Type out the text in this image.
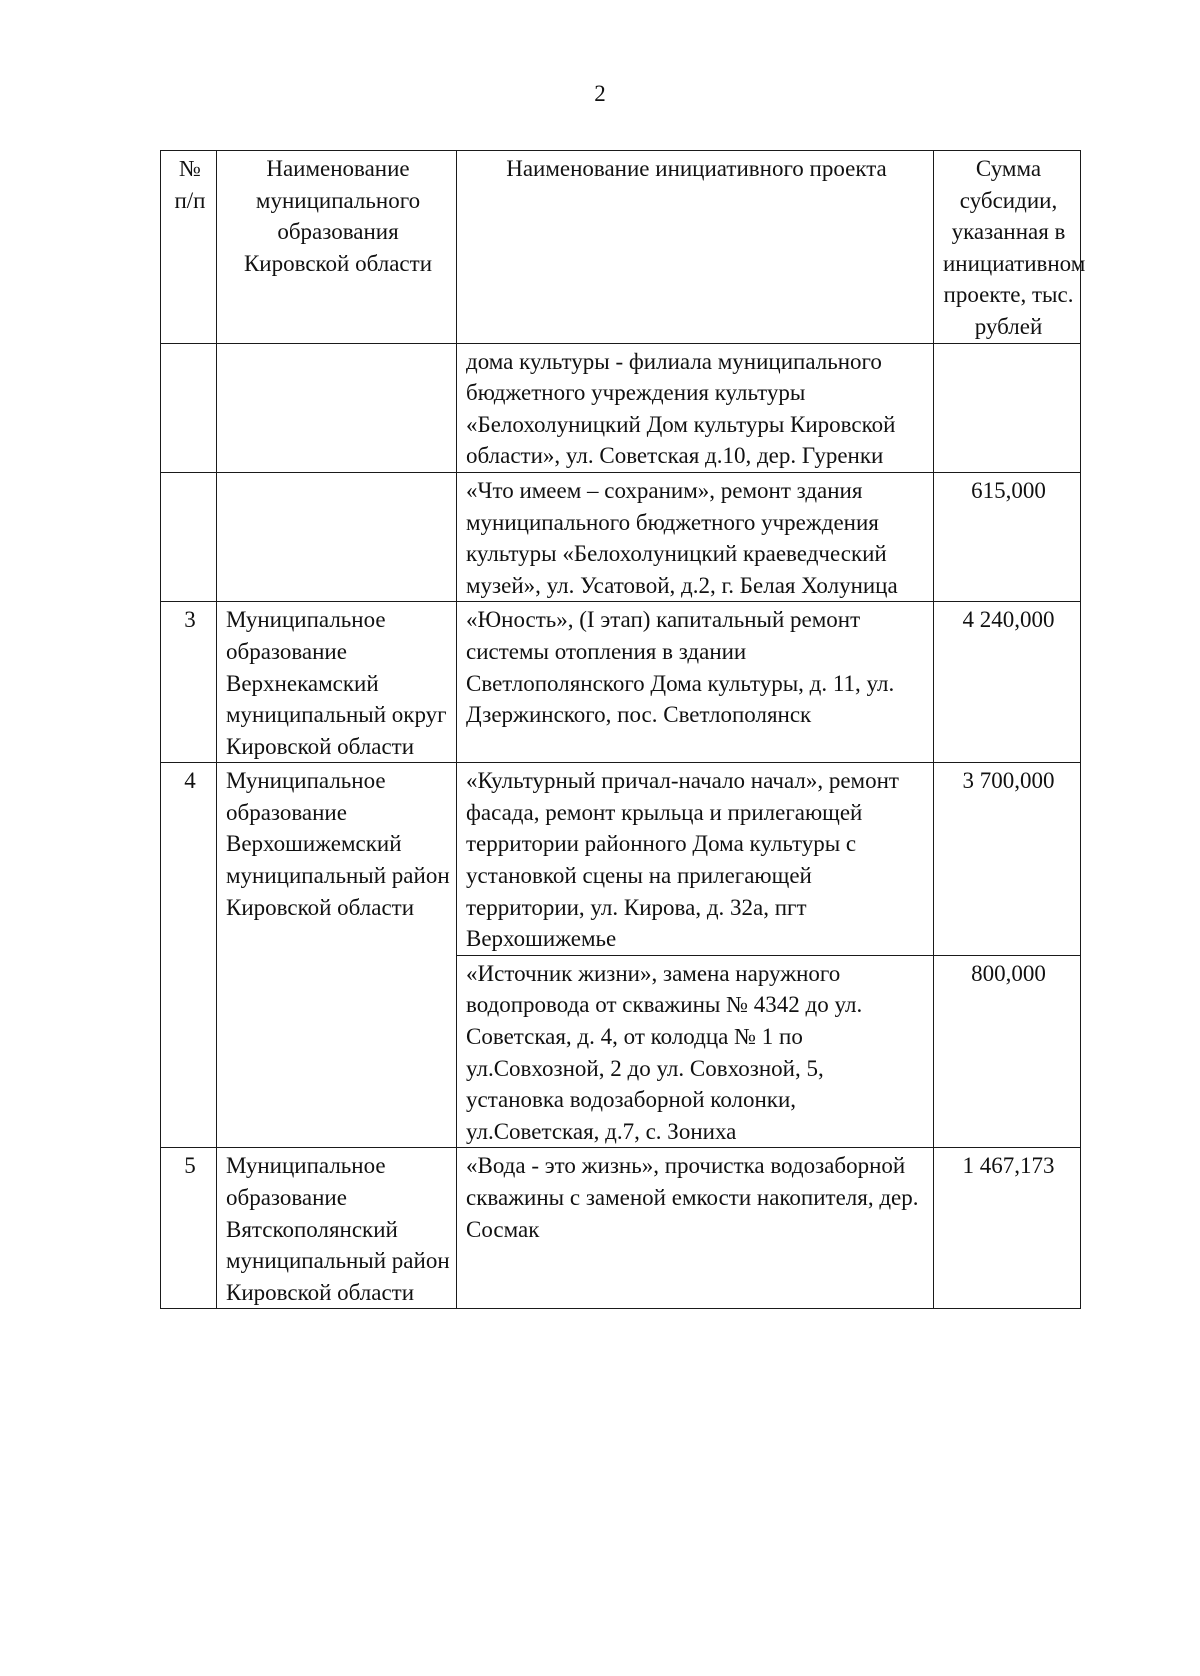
2
№ п/п	Наименование муниципального образования Кировской области	Наименование инициативного проекта	Сумма субсидии, указанная в инициативном проекте, тыс. рублей
		дома культуры - филиала муниципального бюджетного учреждения культуры «Белохолуницкий Дом культуры Кировской области», ул. Советская д.10, дер. Гуренки	
		«Что имеем – сохраним», ремонт здания муниципального бюджетного учреждения культуры «Белохолуницкий краеведческий музей», ул. Усатовой, д.2, г. Белая Холуница	615,000
3	Муниципальное образование Верхнекамский муниципальный округ Кировской области	«Юность», (I этап) капитальный ремонт системы отопления в здании Светлополянского Дома культуры, д. 11, ул. Дзержинского, пос. Светлополянск	4 240,000
4	Муниципальное образование Верхошижемский муниципальный район Кировской области	«Культурный причал-начало начал», ремонт фасада, ремонт крыльца и прилегающей территории районного Дома культуры с установкой сцены на прилегающей территории, ул. Кирова, д. 32а, пгт Верхошижемье	3 700,000
		«Источник жизни», замена наружного водопровода от скважины № 4342 до ул. Советская, д. 4, от колодца № 1 по ул.Совхозной, 2 до ул. Совхозной, 5, установка водозаборной колонки, ул.Советская, д.7, с. Зониха	800,000
5	Муниципальное образование Вятскополянский муниципальный район Кировской области	«Вода - это жизнь», прочистка водозаборной скважины с заменой емкости накопителя, дер. Сосмак	1 467,173
